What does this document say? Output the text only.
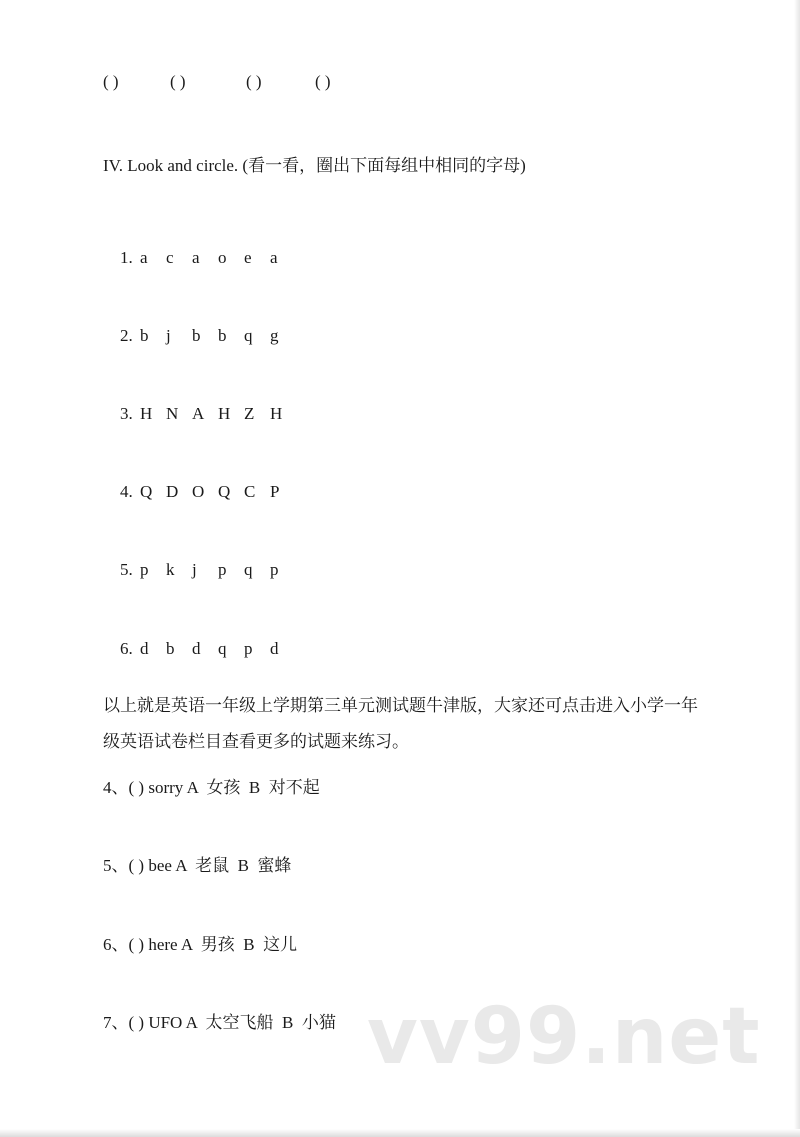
( )	( )	( )	( )
IV. Look and circle. (看一看，圈出下面每组中相同的字母)

1. a c a o e a

2. b j b b q g

3. H N A H Z H

4. Q D O Q C P

5. p k j p q p

6. d b d q p d

以上就是英语一年级上学期第三单元测试题牛津版，大家还可点击进入小学一年级英语试卷栏目查看更多的试题来练习。
4、( ) sorry A  女孩  B  对不起
5、( ) bee A  老鼠  B  蜜蜂
6、( ) here A  男孩  B  这儿
7、( ) UFO A  太空飞船  B  小猫 vv99.net
